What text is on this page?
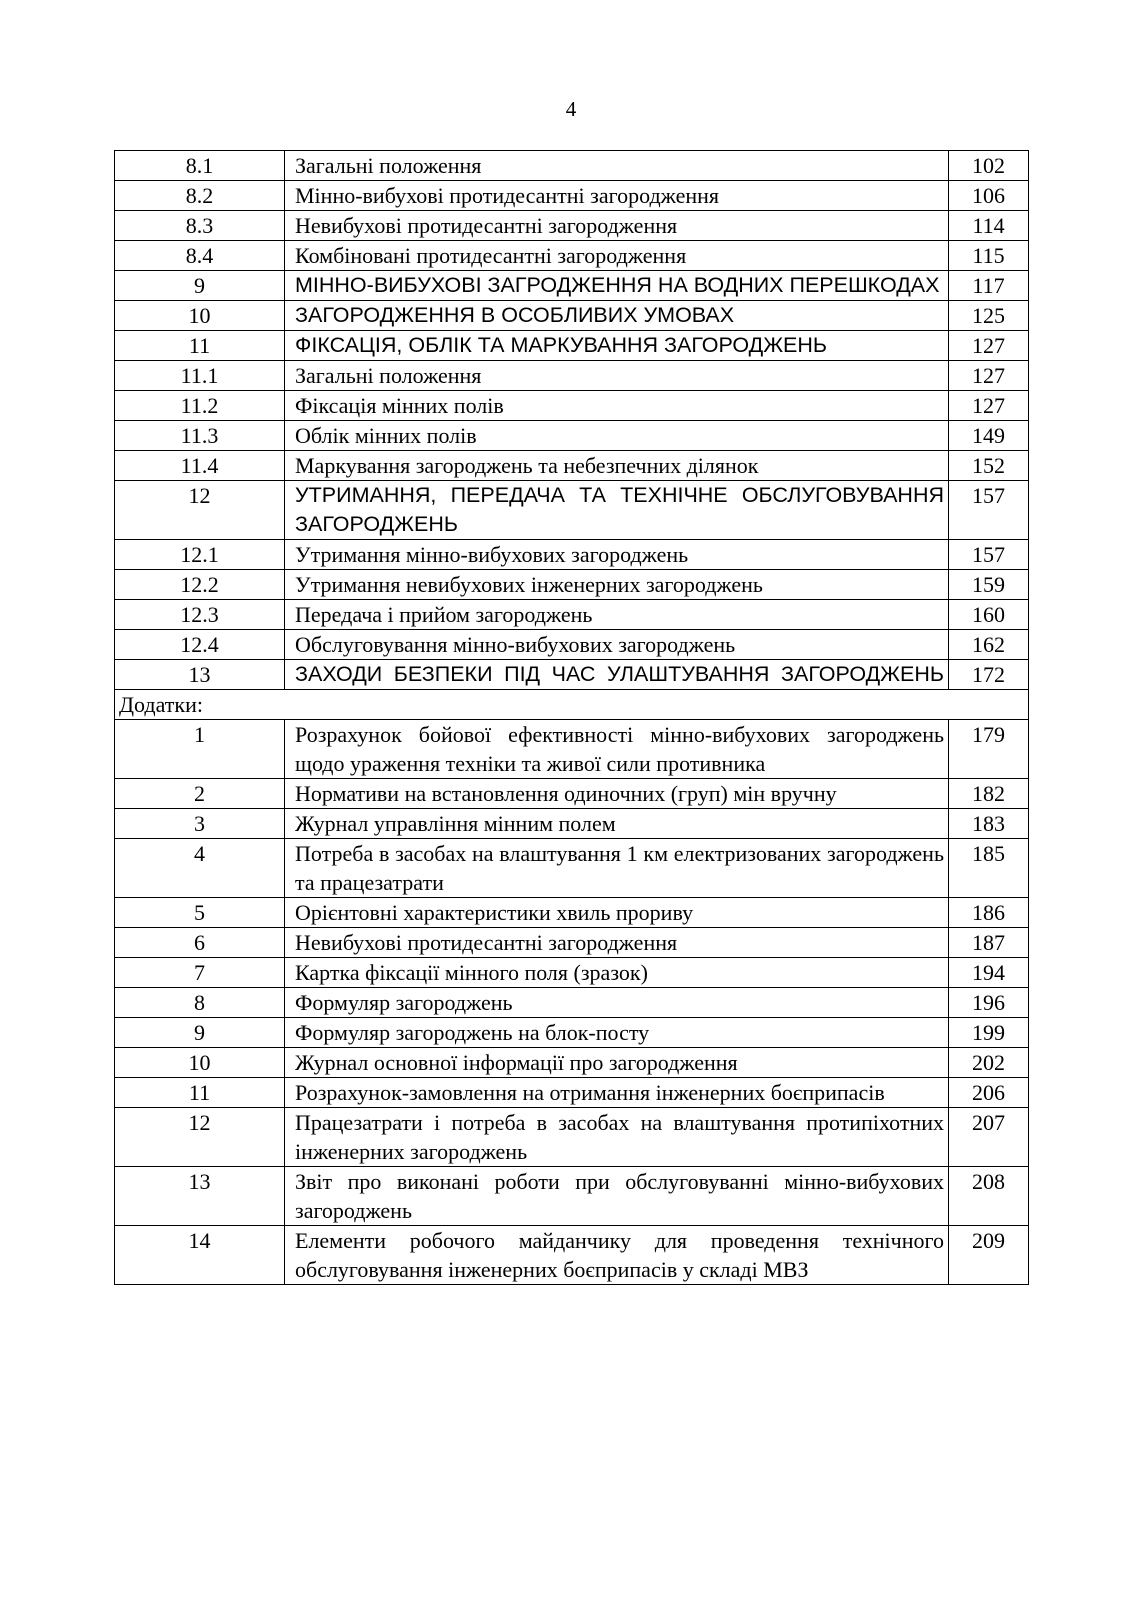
4
8.1	Загальні положення	102
8.2	Мінно-вибухові протидесантні загородження	106
8.3	Невибухові протидесантні загородження	114
8.4	Комбіновані протидесантні загородження	115
9	МІННО-ВИБУХОВІ ЗАГРОДЖЕННЯ НА ВОДНИХ ПЕРЕШКОДАХ	117
10	ЗАГОРОДЖЕННЯ В ОСОБЛИВИХ УМОВАХ	125
11	ФІКСАЦІЯ, ОБЛІК ТА МАРКУВАННЯ ЗАГОРОДЖЕНЬ	127
11.1	Загальні положення	127
11.2	Фіксація мінних полів	127
11.3	Облік мінних полів	149
11.4	Маркування загороджень та небезпечних ділянок	152
12	УТРИМАННЯ, ПЕРЕДАЧА ТА ТЕХНІЧНЕ ОБСЛУГОВУВАННЯ ЗАГОРОДЖЕНЬ	157
12.1	Утримання мінно-вибухових загороджень	157
12.2	Утримання невибухових інженерних загороджень	159
12.3	Передача і прийом загороджень	160
12.4	Обслуговування мінно-вибухових загороджень	162
13	ЗАХОДИ БЕЗПЕКИ ПІД ЧАС УЛАШТУВАННЯ ЗАГОРОДЖЕНЬ	172
Додатки:		
1	Розрахунок бойової ефективності мінно-вибухових загороджень щодо ураження техніки та живої сили противника	179
2	Нормативи на встановлення одиночних (груп) мін вручну	182
3	Журнал управління мінним полем	183
4	Потреба в засобах на влаштування 1 км електризованих загороджень та працезатрати	185
5	Орієнтовні характеристики хвиль прориву	186
6	Невибухові протидесантні загородження	187
7	Картка фіксації мінного поля (зразок)	194
8	Формуляр загороджень	196
9	Формуляр загороджень на блок-посту	199
10	Журнал основної інформації про загородження	202
11	Розрахунок-замовлення на отримання інженерних боєприпасів	206
12	Працезатрати і потреба в засобах на влаштування протипіхотних інженерних загороджень	207
13	Звіт про виконані роботи при обслуговуванні мінно-вибухових загороджень	208
14	Елементи робочого майданчику для проведення технічного обслуговування інженерних боєприпасів у складі МВЗ	209
